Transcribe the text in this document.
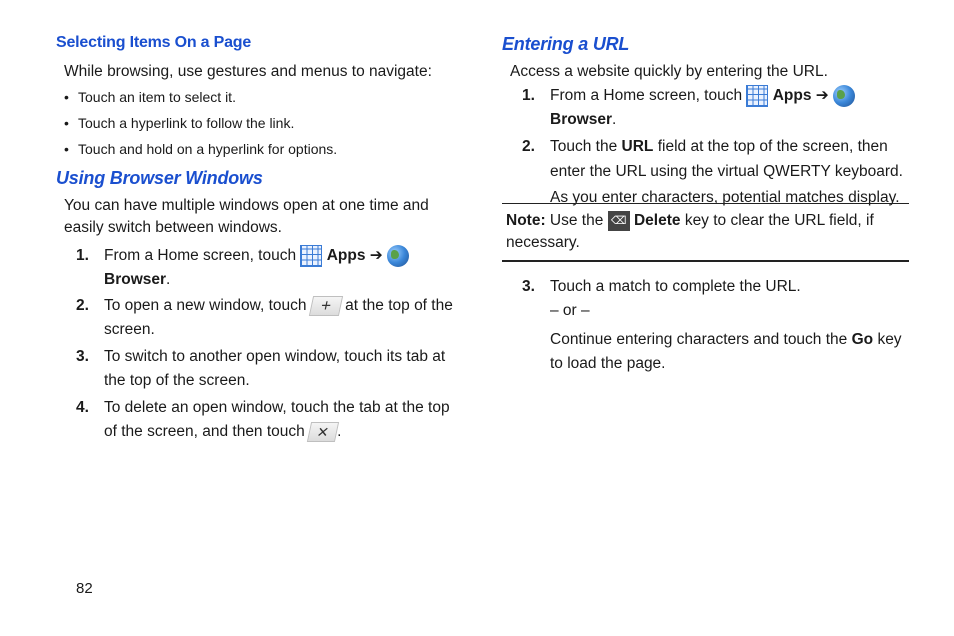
Selecting Items On a Page
While browsing, use gestures and menus to navigate:
• Touch an item to select it.
• Touch a hyperlink to follow the link.
• Touch and hold on a hyperlink for options.
Using Browser Windows
You can have multiple windows open at one time and easily switch between windows.
1. From a Home screen, touch Apps ➔  Browser.
2. To open a new window, touch + at the top of the screen.
3. To switch to another open window, touch its tab at the top of the screen.
4. To delete an open window, touch the tab at the top of the screen, and then touch ✕ .
Entering a URL
Access a website quickly by entering the URL.
1. From a Home screen, touch Apps ➔  Browser.
2. Touch the URL field at the top of the screen, then enter the URL using the virtual QWERTY keyboard.
As you enter characters, potential matches display.
Note: Use the ⌫ Delete key to clear the URL field, if necessary.
3. Touch a match to complete the URL.
– or –
Continue entering characters and touch the Go key to load the page.
82
